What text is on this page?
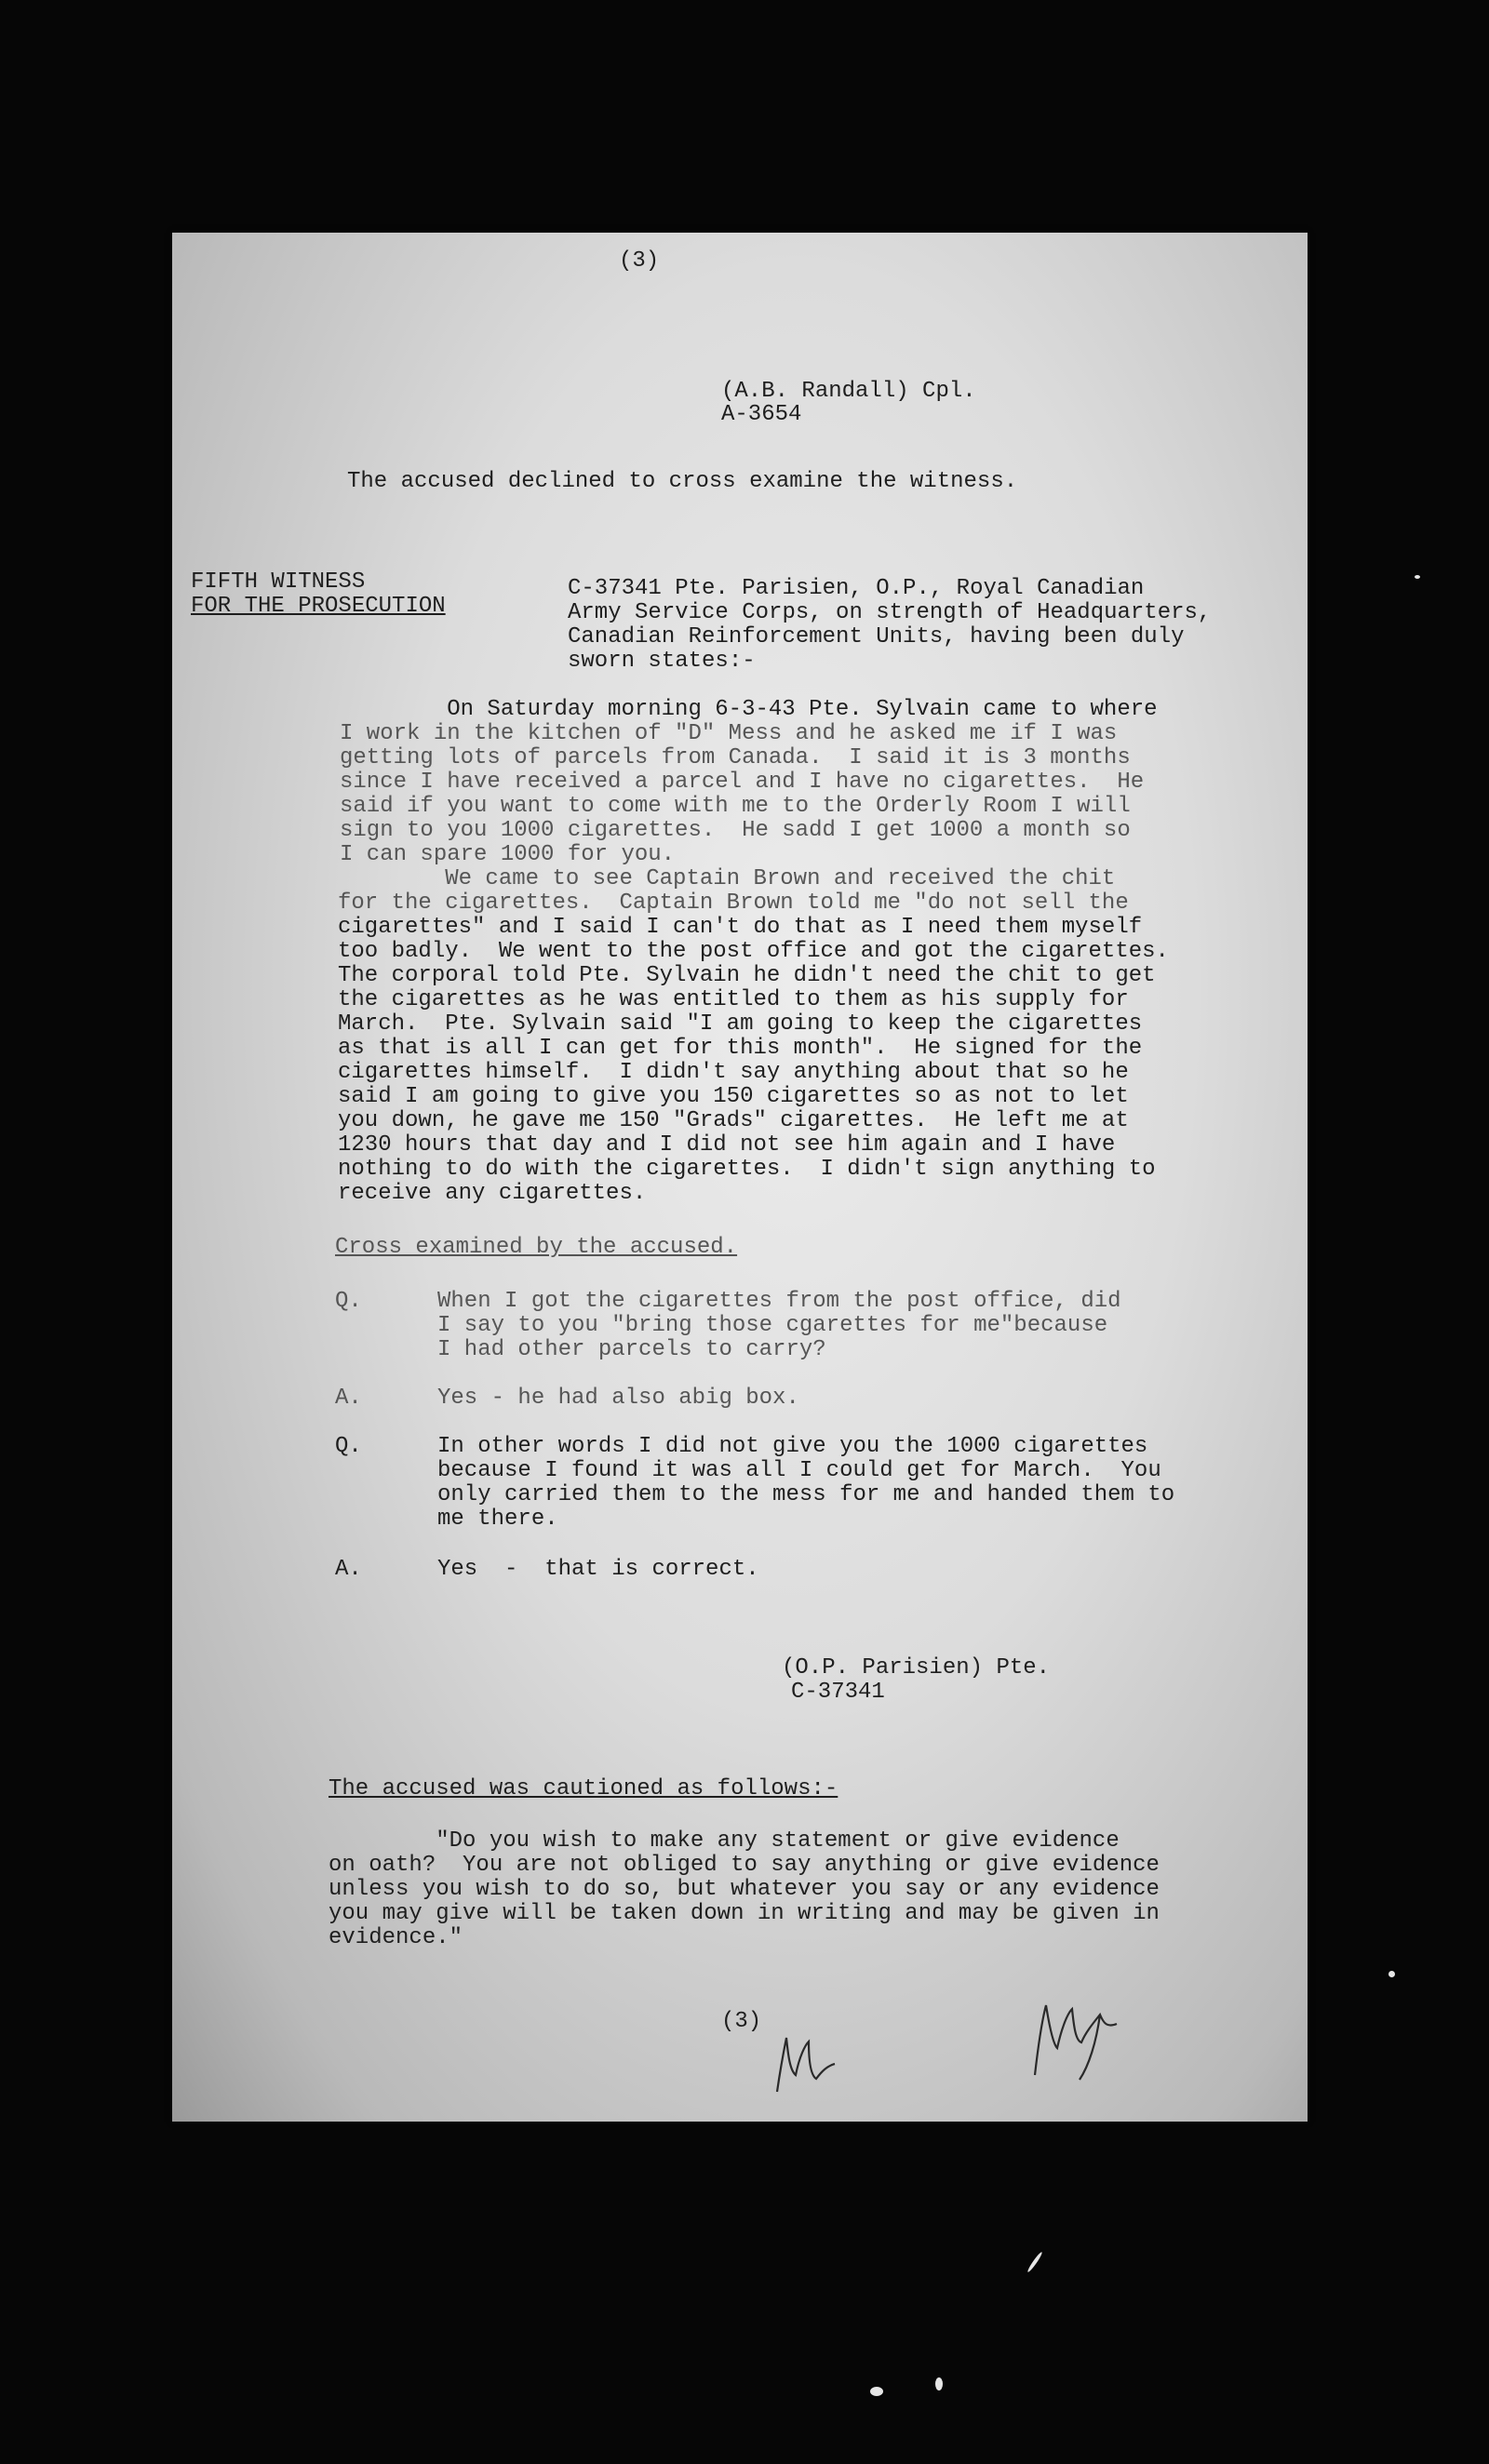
(3)

(A.B. Randall) Cpl.

A-3654

The accused declined to cross examine the witness.

FIFTH WITNESS

FOR THE PROSECUTION

C-37341 Pte. Parisien, O.P., Royal Canadian

Army Service Corps, on strength of Headquarters,

Canadian Reinforcement Units, having been duly

sworn states:-

On Saturday morning 6-3-43 Pte. Sylvain came to where

I work in the kitchen of "D" Mess and he asked me if I was

getting lots of parcels from Canada.  I said it is 3 months

since I have received a parcel and I have no cigarettes.  He

said if you want to come with me to the Orderly Room I will

sign to you 1000 cigarettes.  He sadd I get 1000 a month so

I can spare 1000 for you.

We came to see Captain Brown and received the chit

for the cigarettes.  Captain Brown told me "do not sell the

cigarettes" and I said I can't do that as I need them myself

too badly.  We went to the post office and got the cigarettes.

The corporal told Pte. Sylvain he didn't need the chit to get

the cigarettes as he was entitled to them as his supply for

March.  Pte. Sylvain said "I am going to keep the cigarettes

as that is all I can get for this month".  He signed for the

cigarettes himself.  I didn't say anything about that so he

said I am going to give you 150 cigarettes so as not to let

you down, he gave me 150 "Grads" cigarettes.  He left me at

1230 hours that day and I did not see him again and I have

nothing to do with the cigarettes.  I didn't sign anything to

receive any cigarettes.

Cross examined by the accused.

Q.	When I got the cigarettes from the post office, did

I say to you "bring those cgarettes for me"because

I had other parcels to carry?

A.	Yes - he had also abig box.

Q.	In other words I did not give you the 1000 cigarettes

because I found it was all I could get for March.  You

only carried them to the mess for me and handed them to

me there.

A.	Yes  -  that is correct.

(O.P. Parisien) Pte.

C-37341

The accused was cautioned as follows:-

"Do you wish to make any statement or give evidence

on oath?  You are not obliged to say anything or give evidence

unless you wish to do so, but whatever you say or any evidence

you may give will be taken down in writing and may be given in

evidence."

(3)
